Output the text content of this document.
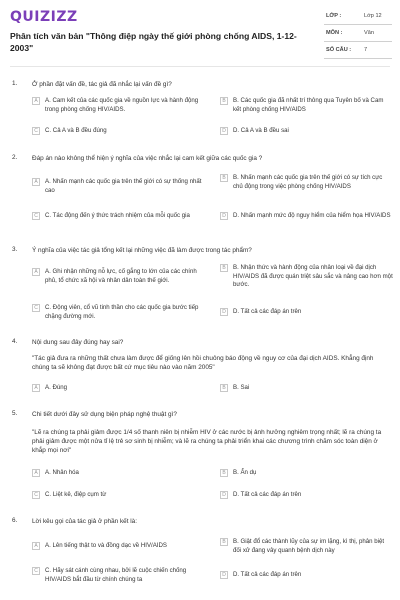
QUIZIZZ
Phân tích văn bản "Thông điệp ngày thế giới phòng chống AIDS, 1-12-2003"
LỚP :	Lớp 12
MÔN :	Văn
SỐ CÂU : 7
1. Ở phần đặt vấn đề, tác giả đã nhắc lại vấn đề gì?
A	A. Cam kết của các quốc gia về nguồn lực và hành động trong phòng chống HIV/AIDS.
B	B. Các quốc gia đã nhất trí thông qua Tuyên bố và Cam kết phòng chống HIV/AIDS
C	C. Cả A và B đều đúng	D	D. Cả A và B đều sai
2. Đáp án nào không thể hiện ý nghĩa của việc nhắc lại cam kết giữa các quốc gia ?
A	A. Nhấn mạnh các quốc gia trên thế giới có sự thống nhất cao
B	B. Nhấn mạnh các quốc gia trên thế giới có sự tích cực chủ động trong việc phòng chống HIV/AIDS
C	C. Tác động đến ý thức trách nhiệm của mỗi quốc gia	D	D. Nhấn mạnh mức độ nguy hiểm của hiểm họa HIV/AIDS
3. Ý nghĩa của việc tác giả tổng kết lại những việc đã làm được trong tác phẩm?
A	A. Ghi nhận những nỗ lực, cố gắng to lớn của các chính phủ, tổ chức xã hội và nhân dân toàn thế giới.
B	B. Nhận thức và hành động của nhân loại về đại dịch HIV/AIDS đã được quán triệt sâu sắc và nâng cao hơn một bước.
C	C. Động viên, cổ vũ tinh thần cho các quốc gia bước tiếp chặng đường mới.
D	D. Tất cả các đáp án trên
4. Nội dung sau đây đúng hay sai?
"Tác giả đưa ra những thất chưa làm được để giống lên hồi chuông báo động về nguy cơ của đại dịch AIDS. Khẳng định chúng ta sẽ không đạt được bất cứ mục tiêu nào vào năm 2005"
A	A. Đúng	B	B. Sai
5. Chi tiết dưới đây sử dụng biện pháp nghệ thuật gì?
"Lẽ ra chúng ta phải giảm được 1/4 số thanh niên bị nhiễm HIV ở các nước bị ảnh hưởng nghiêm trọng nhất; lẽ ra chúng ta phải giảm được một nửa tỉ lệ trẻ sơ sinh bị nhiễm; và lẽ ra chúng ta phải triển khai các chương trình chăm sóc toàn diện ở khắp mọi nơi"
A	A. Nhân hóa	B	B. Ẩn dụ
C	C. Liệt kê, điệp cụm từ	D	D. Tất cả các đáp án trên
6. Lời kêu gọi của tác giả ở phần kết là:
A	A. Lên tiếng thật to và đồng dạc về HIV/AIDS	B	B. Giật đổ các thành lũy của sự im lặng, kì thị, phân biệt đối xử đang vây quanh bệnh dịch này
C	C. Hãy sát cánh cùng nhau, bởi lẽ cuộc chiến chống HIV/AIDS bắt đầu từ chính chúng ta
D	D. Tất cả các đáp án trên
